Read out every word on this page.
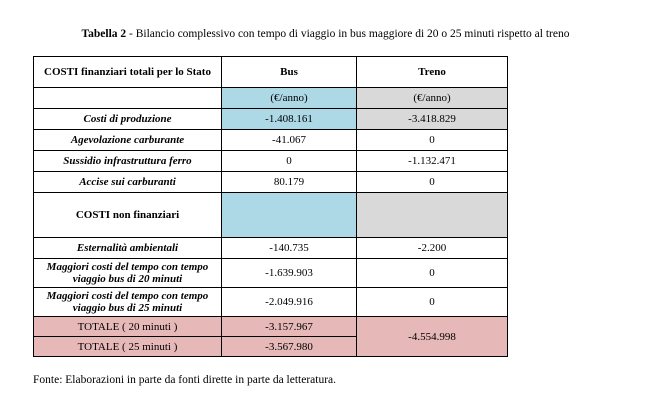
Tabella 2 - Bilancio complessivo con tempo di viaggio in bus maggiore di 20 o 25 minuti rispetto al treno
COSTI finanziari totali per lo Stato	Bus	Treno
	(€/anno)	(€/anno)
Costi di produzione	-1.408.161	-3.418.829
Agevolazione carburante	-41.067	0
Sussidio infrastruttura ferro	0	-1.132.471
Accise sui carburanti	80.179	0
COSTI non finanziari		
Esternalità ambientali	-140.735	-2.200
Maggiori costi del tempo con tempo viaggio bus di 20 minuti	-1.639.903	0
Maggiori costi del tempo con tempo viaggio bus di 25 minuti	-2.049.916	0
TOTALE ( 20 minuti )	-3.157.967	-4.554.998
TOTALE ( 25 minuti )	-3.567.980	
Fonte: Elaborazioni in parte da fonti dirette in parte da letteratura.
